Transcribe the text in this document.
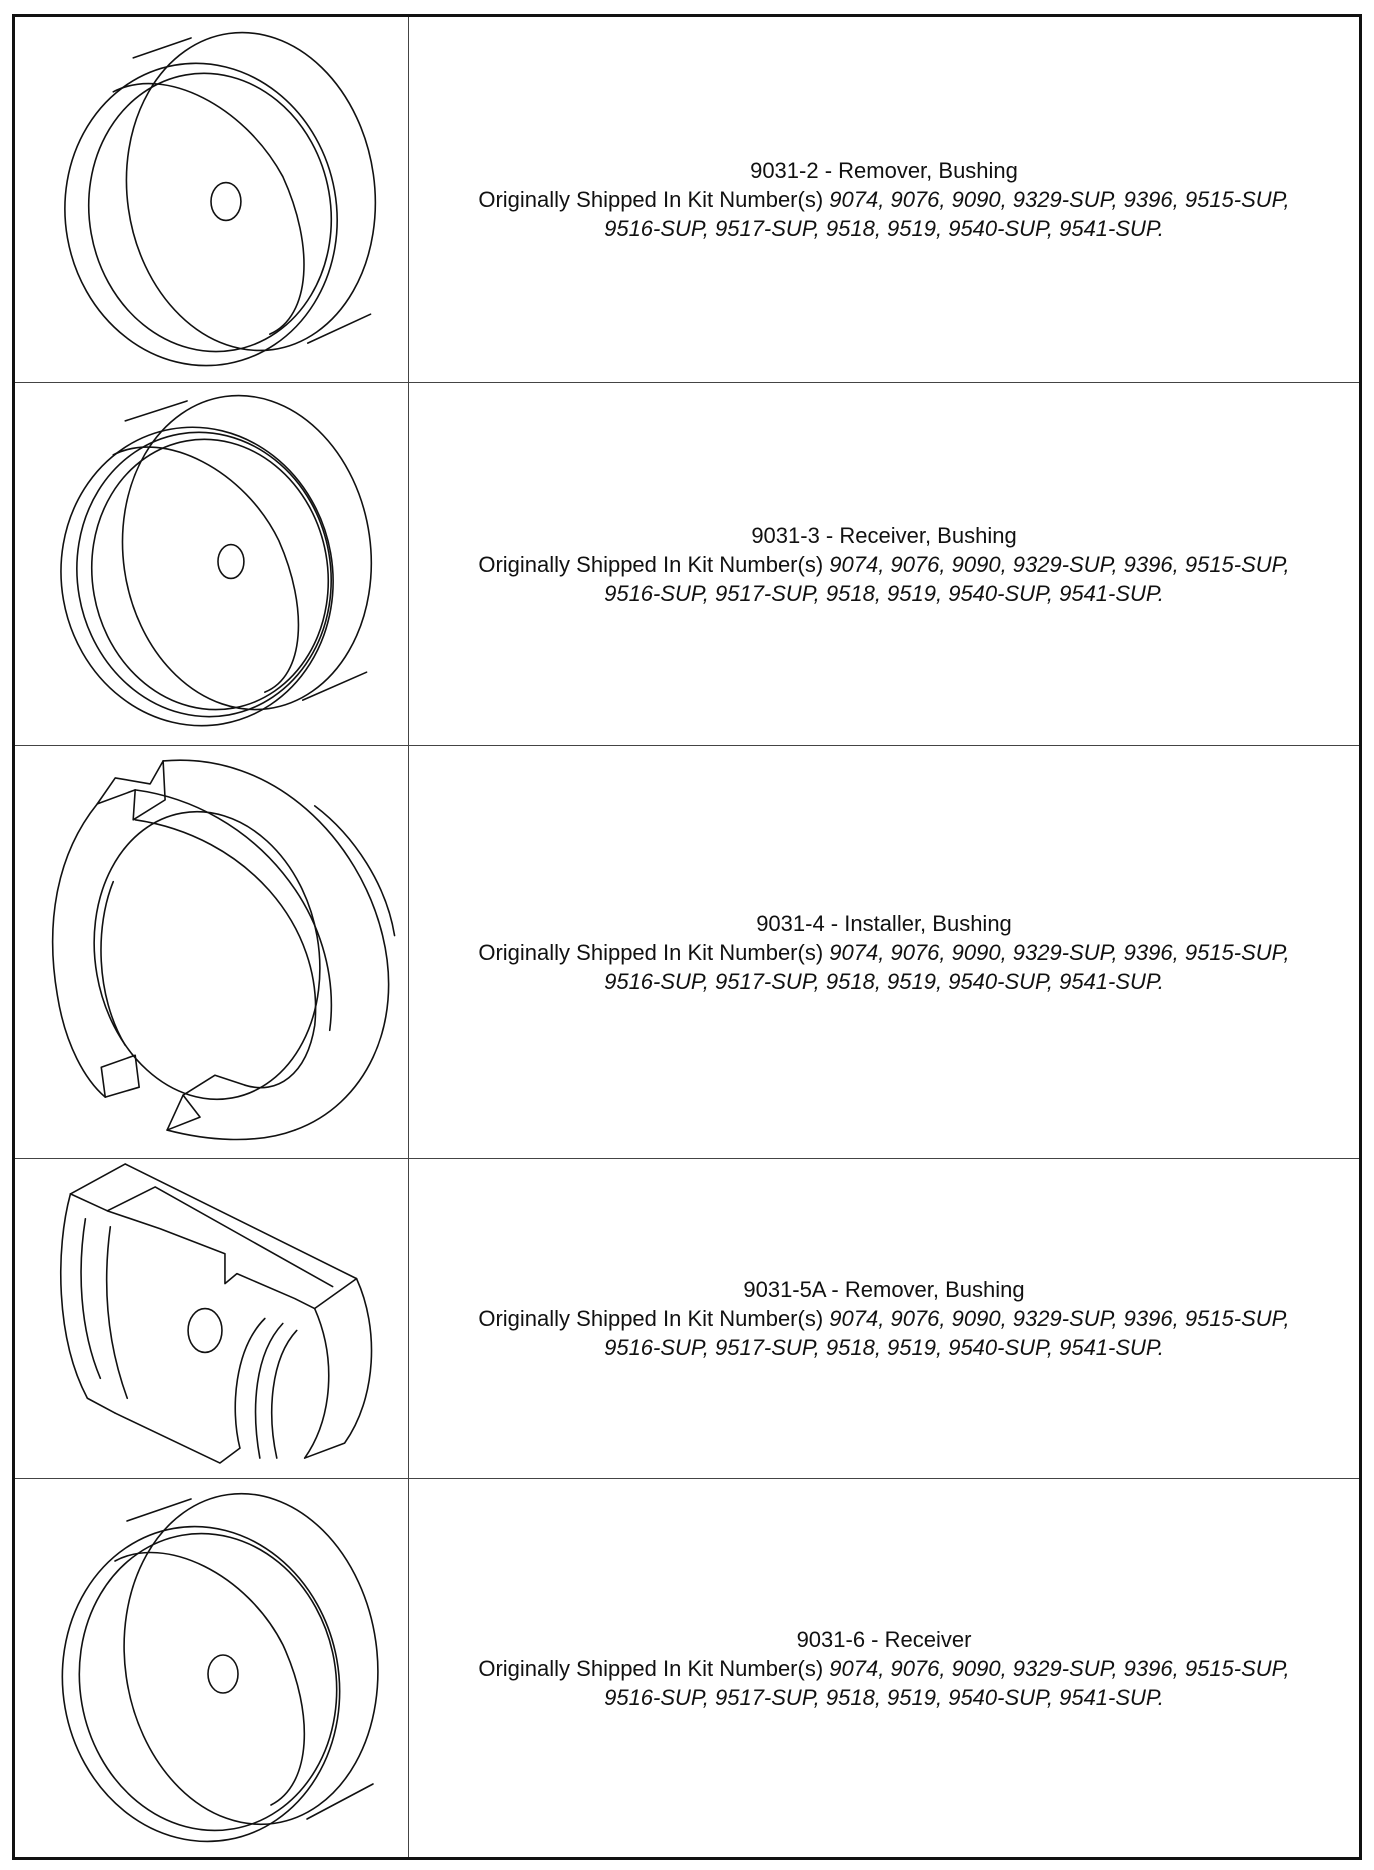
9031-2 - Remover, Bushing
Originally Shipped In Kit Number(s) 9074, 9076, 9090, 9329-SUP, 9396, 9515-SUP,
9516-SUP, 9517-SUP, 9518, 9519, 9540-SUP, 9541-SUP.
9031-3 - Receiver, Bushing
Originally Shipped In Kit Number(s) 9074, 9076, 9090, 9329-SUP, 9396, 9515-SUP,
9516-SUP, 9517-SUP, 9518, 9519, 9540-SUP, 9541-SUP.
9031-4 - Installer, Bushing
Originally Shipped In Kit Number(s) 9074, 9076, 9090, 9329-SUP, 9396, 9515-SUP,
9516-SUP, 9517-SUP, 9518, 9519, 9540-SUP, 9541-SUP.
9031-5A - Remover, Bushing
Originally Shipped In Kit Number(s) 9074, 9076, 9090, 9329-SUP, 9396, 9515-SUP,
9516-SUP, 9517-SUP, 9518, 9519, 9540-SUP, 9541-SUP.
9031-6 - Receiver
Originally Shipped In Kit Number(s) 9074, 9076, 9090, 9329-SUP, 9396, 9515-SUP,
9516-SUP, 9517-SUP, 9518, 9519, 9540-SUP, 9541-SUP.
